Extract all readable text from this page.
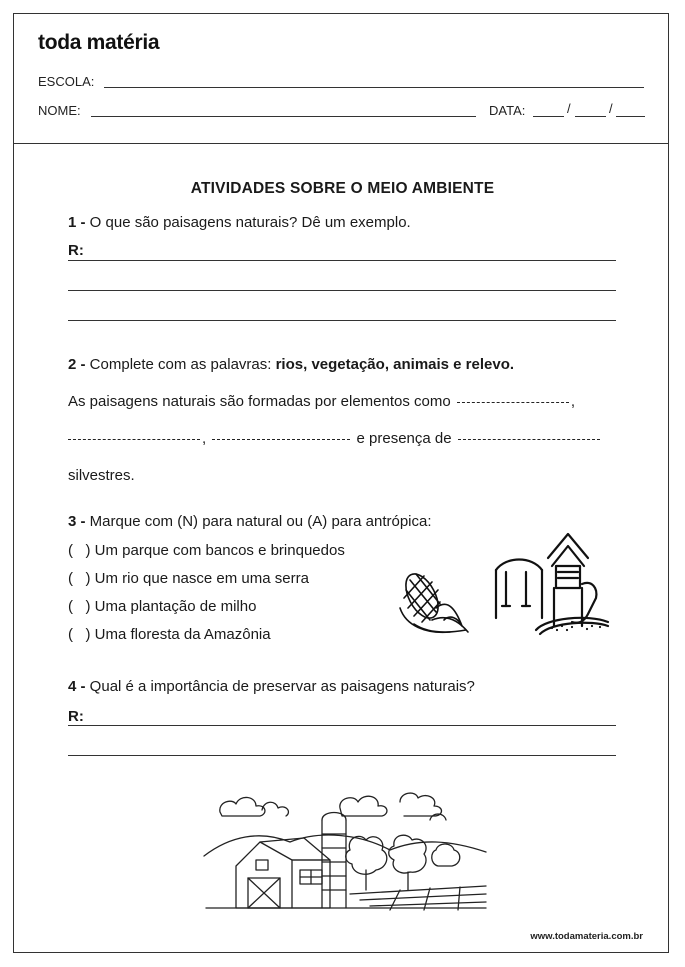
toda matéria
ESCOLA:
NOME:	DATA:	/	/
ATIVIDADES SOBRE O MEIO AMBIENTE
1 - O que são paisagens naturais? Dê um exemplo.
R:
2 - Complete com as palavras: rios, vegetação, animais e relevo.
As paisagens naturais são formadas por elementos como	,
,	e presença de
silvestres.
3 - Marque com (N) para natural ou (A) para antrópica:
(   ) Um parque com bancos e brinquedos
(   ) Um rio que nasce em uma serra
(   ) Uma plantação de milho
(   ) Uma floresta da Amazônia
4 - Qual é a importância de preservar as paisagens naturais?
R:
www.todamateria.com.br
